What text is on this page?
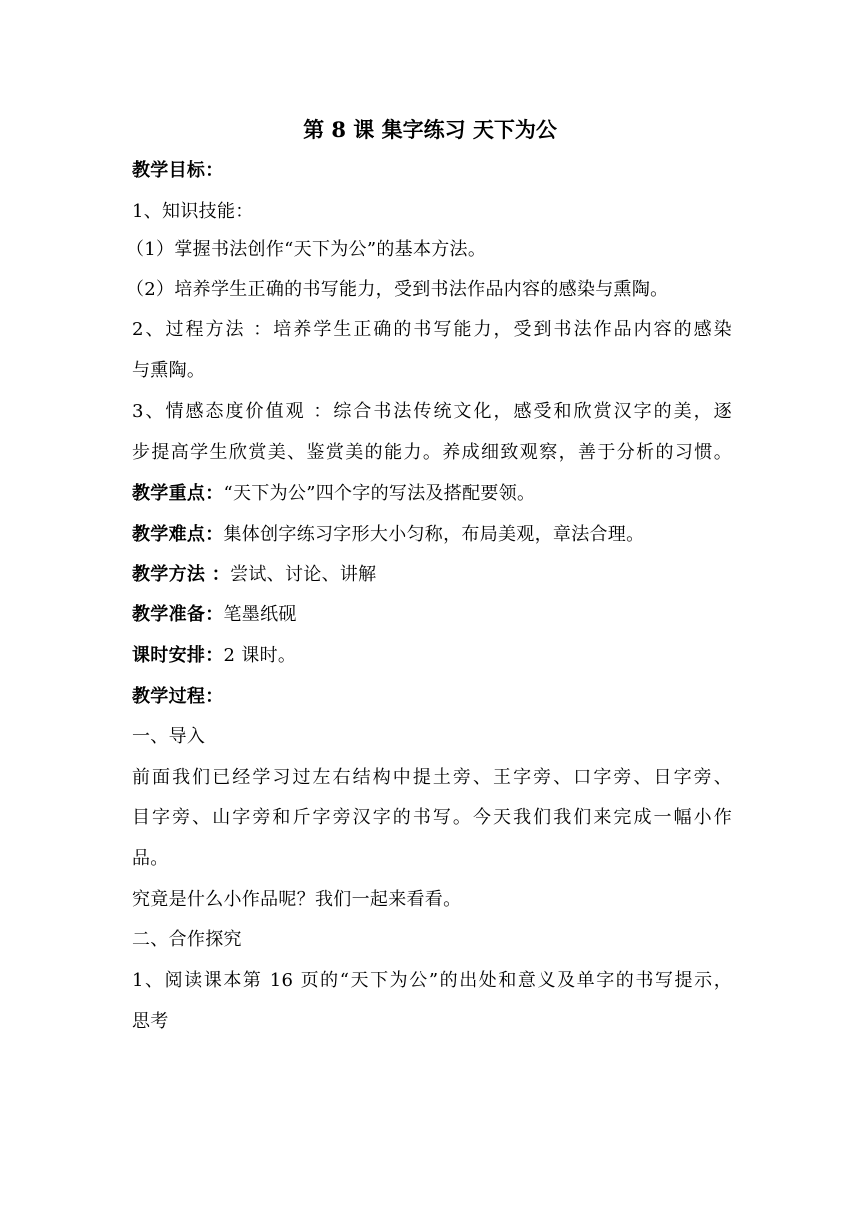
第 8 课 集字练习 天下为公
教学目标：
1、知识技能：
（1）掌握书法创作“天下为公”的基本方法。
（2）培养学生正确的书写能力，受到书法作品内容的感染与熏陶。
2、过程方法 ：培养学生正确的书写能力，受到书法作品内容的感染
与熏陶。
3、情感态度价值观 ：综合书法传统文化，感受和欣赏汉字的美，逐
步提高学生欣赏美、鉴赏美的能力。养成细致观察，善于分析的习惯。
教学重点：“天下为公”四个字的写法及搭配要领。
教学难点：集体创字练习字形大小匀称，布局美观，章法合理。
教学方法 ：尝试、讨论、讲解
教学准备：笔墨纸砚
课时安排：2 课时。
教学过程：
一、导入
前面我们已经学习过左右结构中提土旁、王字旁、口字旁、日字旁、
目字旁、山字旁和斤字旁汉字的书写。今天我们我们来完成一幅小作
品。
究竟是什么小作品呢？我们一起来看看。
二、合作探究
1、阅读课本第 16 页的“天下为公”的出处和意义及单字的书写提示，
思考
